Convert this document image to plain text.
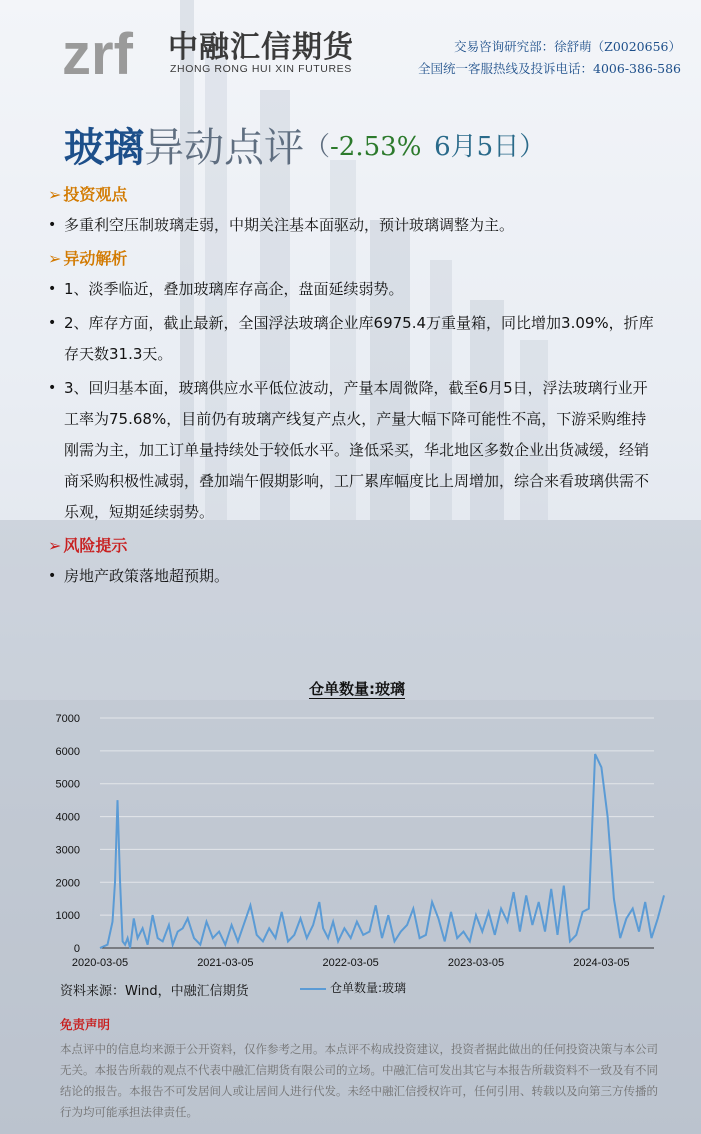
zrf 中融汇信期货
ZHONG RONG HUI XIN FUTURES
交易咨询研究部：徐舒萌（Z0020656）
全国统一客服热线及投诉电话：4006-386-586
玻璃异动点评（-2.53% 6月5日）
➢ 投资观点
• 多重利空压制玻璃走弱，中期关注基本面驱动，预计玻璃调整为主。
➢ 异动解析
• 1、淡季临近，叠加玻璃库存高企，盘面延续弱势。
• 2、库存方面，截止最新，全国浮法玻璃企业库6975.4万重量箱，同比增加3.09%，折库存天数31.3天。
• 3、回归基本面，玻璃供应水平低位波动，产量本周微降，截至6月5日，浮法玻璃行业开工率为75.68%，目前仍有玻璃产线复产点火，产量大幅下降可能性不高，下游采购维持刚需为主，加工订单量持续处于较低水平。逢低采买，华北地区多数企业出货减缓，经销商采购积极性减弱，叠加端午假期影响，工厂累库幅度比上周增加，综合来看玻璃供需不乐观，短期延续弱势。
➢ 风险提示
• 房地产政策落地超预期。
仓单数量:玻璃
0
1000
2000
3000
4000
5000
6000
7000
2020-03-05	2021-03-05	2022-03-05	2023-03-05	2024-03-05
资料来源：Wind，中融汇信期货	仓单数量:玻璃
免责声明
本点评中的信息均来源于公开资料，仅作参考之用。本点评不构成投资建议，投资者据此做出的任何投资决策与本公司无关。本报告所载的观点不代表中融汇信期货有限公司的立场。中融汇信可发出其它与本报告所载资料不一致及有不同结论的报告。本报告不可发居间人或让居间人进行代发。未经中融汇信授权许可，任何引用、转载以及向第三方传播的行为均可能承担法律责任。
